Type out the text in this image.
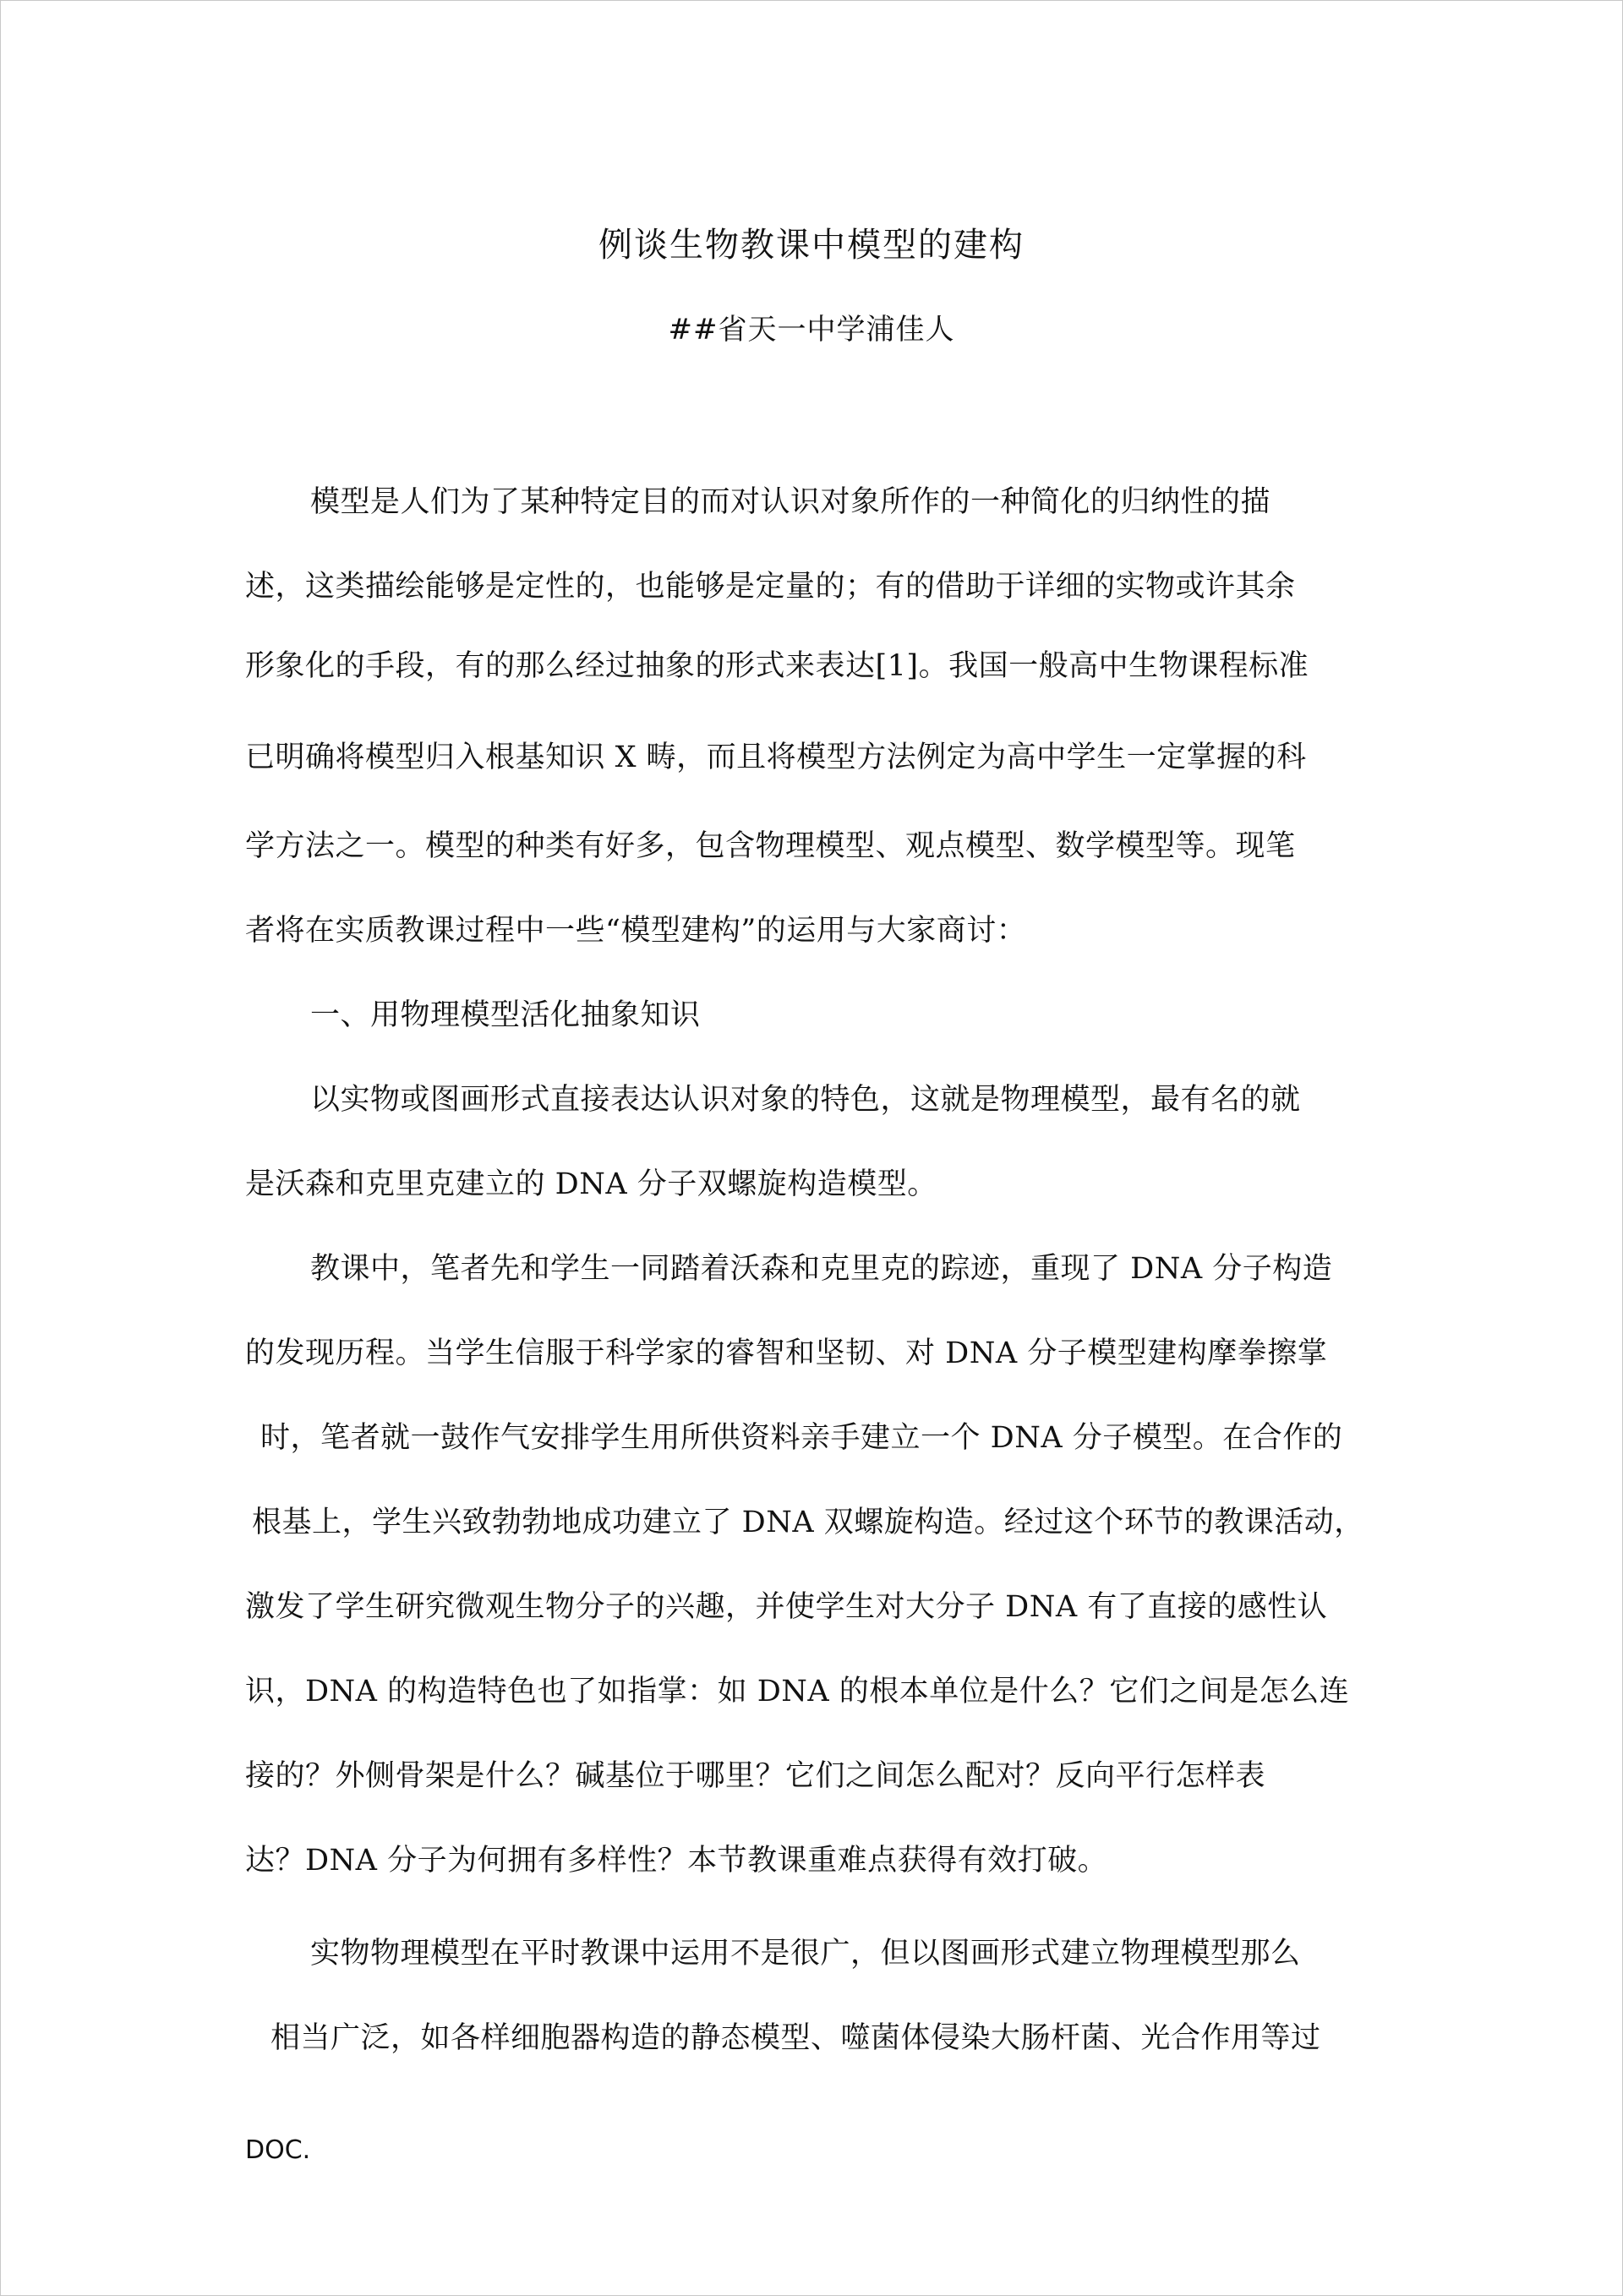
例谈生物教课中模型的建构
##省天一中学浦佳人
模型是人们为了某种特定目的而对认识对象所作的一种简化的归纳性的描
述，这类描绘能够是定性的，也能够是定量的；有的借助于详细的实物或许其余
形象化的手段，有的那么经过抽象的形式来表达[1]。我国一般高中生物课程标准
已明确将模型归入根基知识 X 畴，而且将模型方法例定为高中学生一定掌握的科
学方法之一。模型的种类有好多，包含物理模型、观点模型、数学模型等。现笔
者将在实质教课过程中一些“模型建构”的运用与大家商讨：
一、用物理模型活化抽象知识
以实物或图画形式直接表达认识对象的特色，这就是物理模型，最有名的就
是沃森和克里克建立的 DNA 分子双螺旋构造模型。
教课中，笔者先和学生一同踏着沃森和克里克的踪迹，重现了 DNA 分子构造
的发现历程。当学生信服于科学家的睿智和坚韧、对 DNA 分子模型建构摩拳擦掌
时，笔者就一鼓作气安排学生用所供资料亲手建立一个 DNA 分子模型。在合作的
根基上，学生兴致勃勃地成功建立了 DNA 双螺旋构造。经过这个环节的教课活动，
激发了学生研究微观生物分子的兴趣，并使学生对大分子 DNA 有了直接的感性认
识，DNA 的构造特色也了如指掌：如 DNA 的根本单位是什么？它们之间是怎么连
接的？外侧骨架是什么？碱基位于哪里？它们之间怎么配对？反向平行怎样表
达？DNA 分子为何拥有多样性？本节教课重难点获得有效打破。
实物物理模型在平时教课中运用不是很广，但以图画形式建立物理模型那么
相当广泛，如各样细胞器构造的静态模型、噬菌体侵染大肠杆菌、光合作用等过
DOC.
